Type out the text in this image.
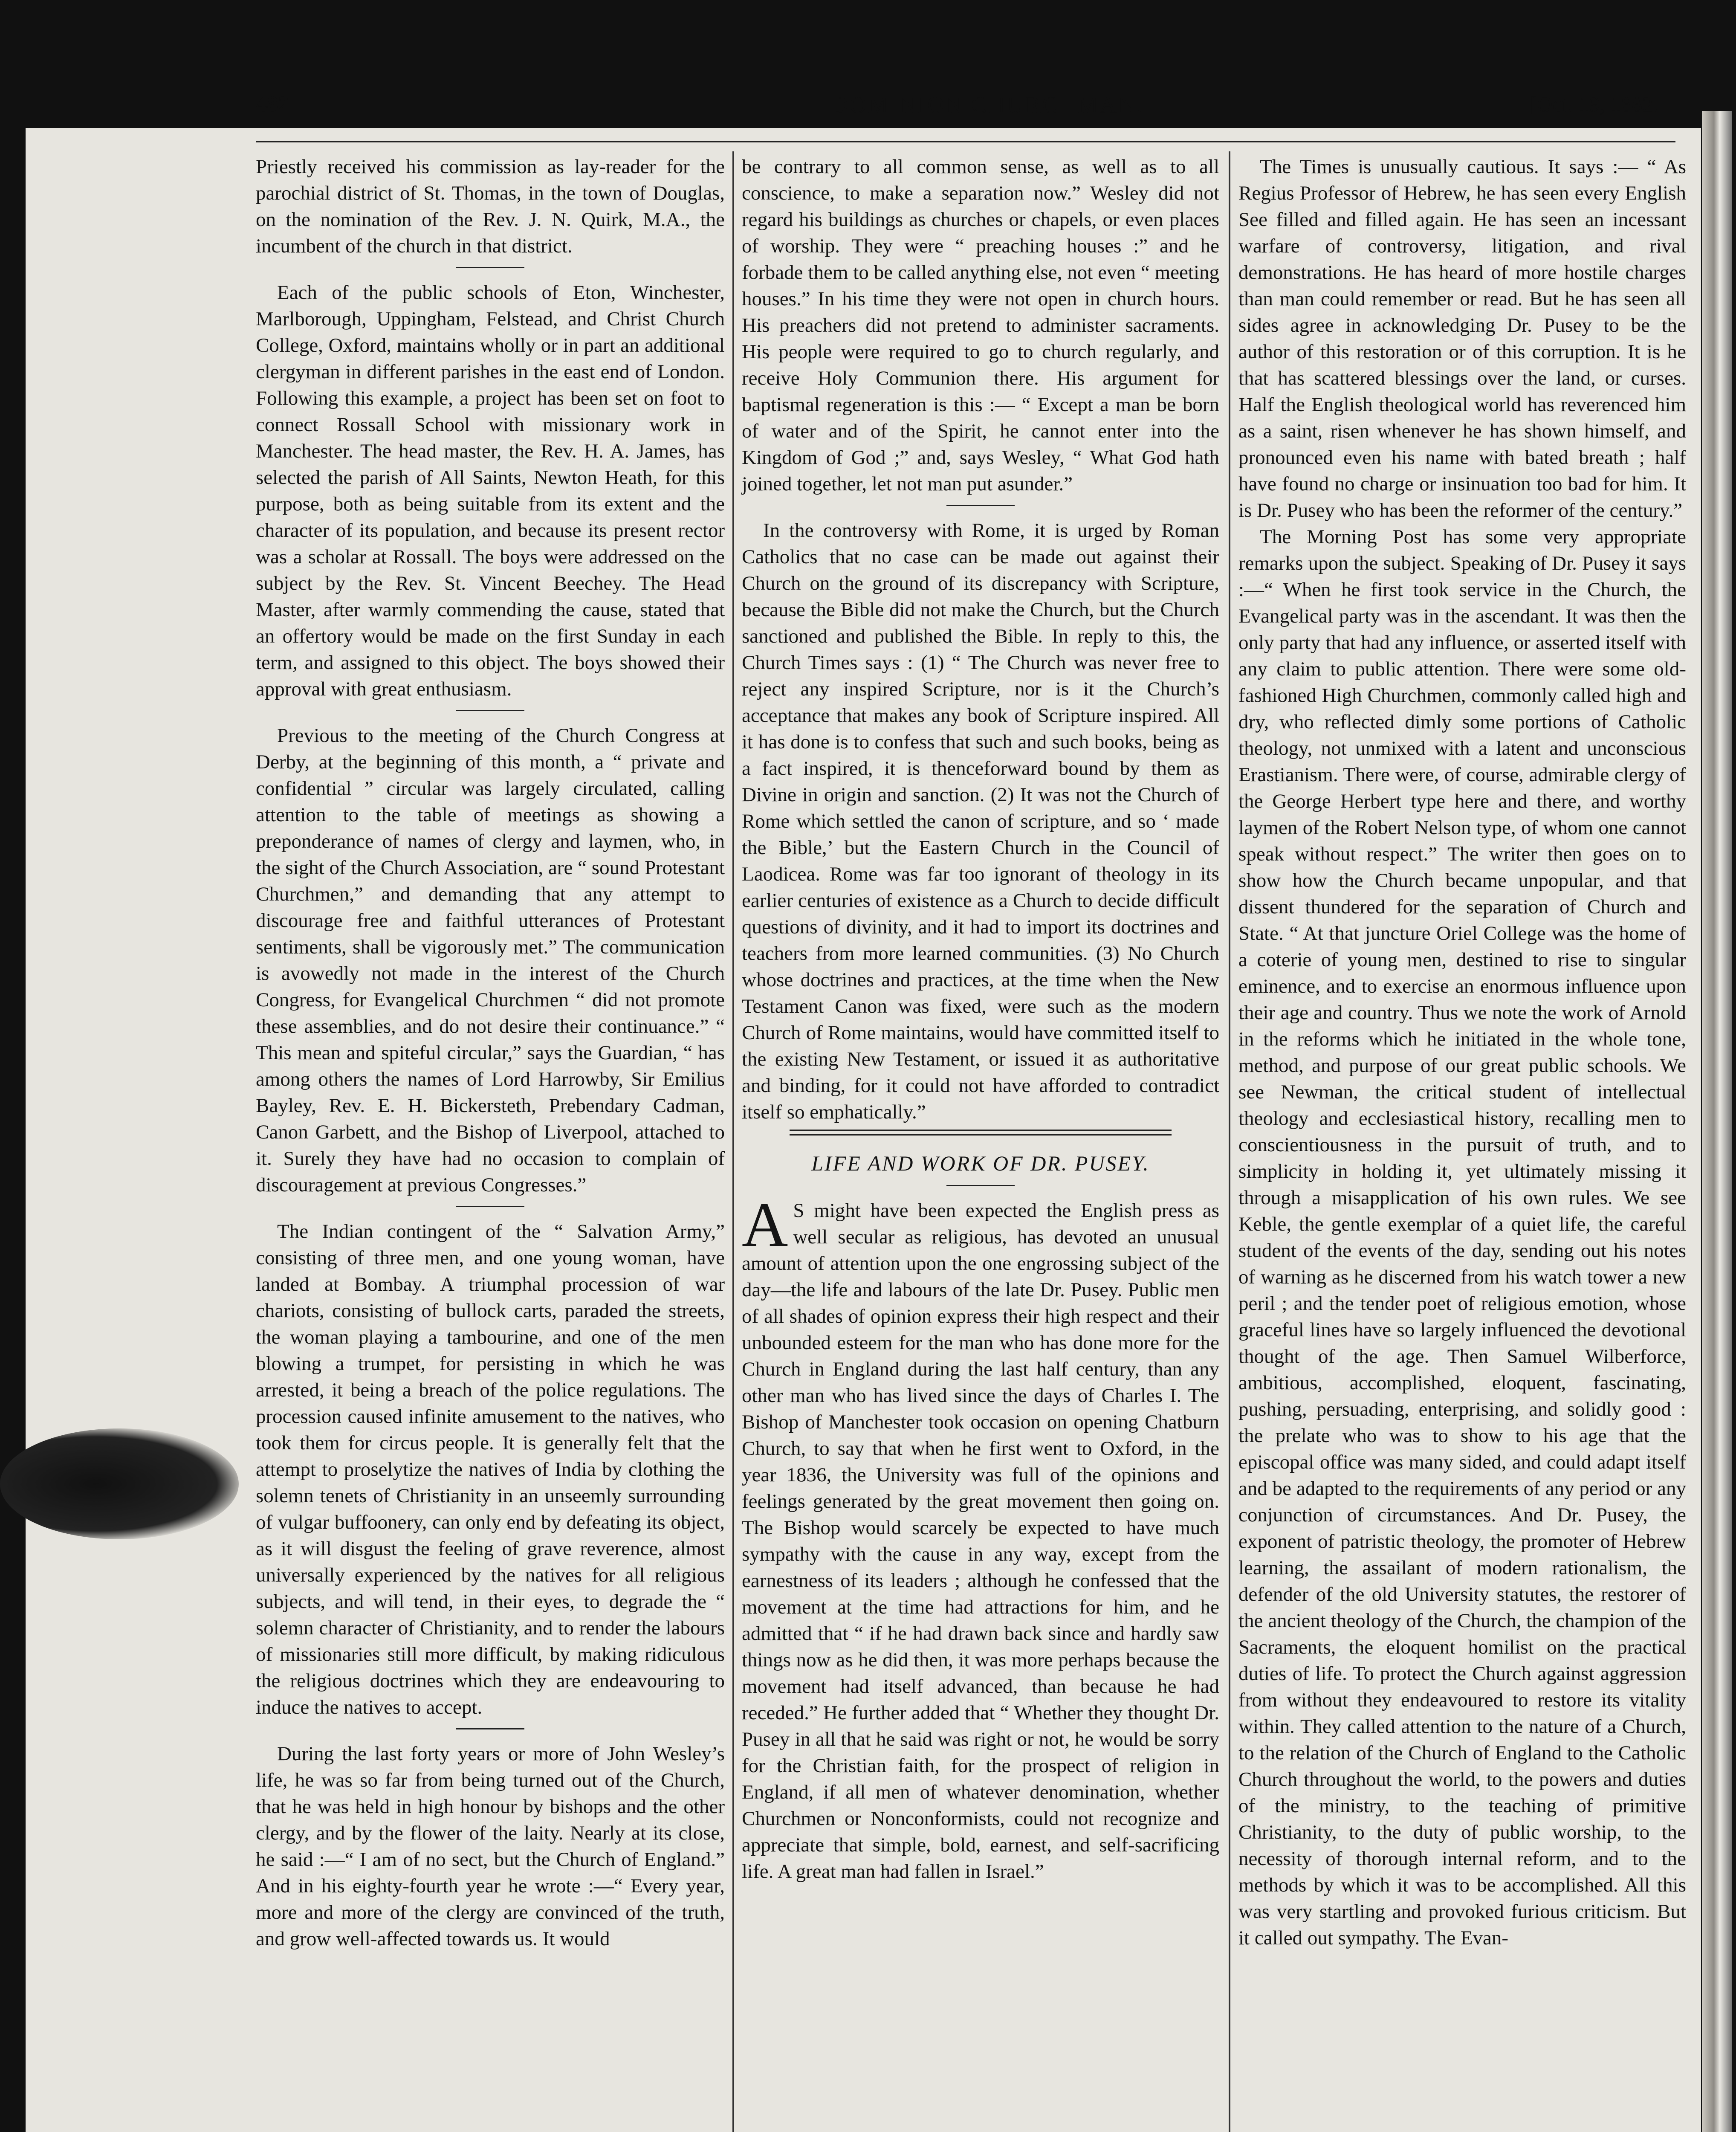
482	DOMINION CHURCHMAN.	[Oct. 19, 1882.

Priestly received his commission as lay-reader for the parochial district of St. Thomas, in the town of Douglas, on the nomination of the Rev. J. N. Quirk, M.A., the incumbent of the church in that district.

Each of the public schools of Eton, Winchester, Marlborough, Uppingham, Felstead, and Christ Church College, Oxford, maintains wholly or in part an additional clergyman in different parishes in the east end of London. Following this example, a project has been set on foot to connect Rossall School with missionary work in Manchester. The head master, the Rev. H. A. James, has selected the parish of All Saints, Newton Heath, for this purpose, both as being suitable from its extent and the character of its population, and because its present rector was a scholar at Rossall. The boys were addressed on the subject by the Rev. St. Vincent Beechey. The Head Master, after warmly commending the cause, stated that an offertory would be made on the first Sunday in each term, and assigned to this object. The boys showed their approval with great enthusiasm.

Previous to the meeting of the Church Congress at Derby, at the beginning of this month, a “ private and confidential ” circular was largely circulated, calling attention to the table of meetings as showing a preponderance of names of clergy and laymen, who, in the sight of the Church Association, are “ sound Protestant Churchmen,” and demanding that any attempt to discourage free and faithful utterances of Protestant sentiments, shall be vigorously met.” The communication is avowedly not made in the interest of the Church Congress, for Evangelical Churchmen “ did not promote these assemblies, and do not desire their continuance.” “ This mean and spiteful circular,” says the Guardian, “ has among others the names of Lord Harrowby, Sir Emilius Bayley, Rev. E. H. Bickersteth, Prebendary Cadman, Canon Garbett, and the Bishop of Liverpool, attached to it. Surely they have had no occasion to complain of discouragement at previous Congresses.”

The Indian contingent of the “ Salvation Army,” consisting of three men, and one young woman, have landed at Bombay. A triumphal procession of war chariots, consisting of bullock carts, paraded the streets, the woman playing a tambourine, and one of the men blowing a trumpet, for persisting in which he was arrested, it being a breach of the police regulations. The procession caused infinite amusement to the natives, who took them for circus people. It is generally felt that the attempt to proselytize the natives of India by clothing the solemn tenets of Christianity in an unseemly surrounding of vulgar buffoonery, can only end by defeating its object, as it will disgust the feeling of grave reverence, almost universally experienced by the natives for all religious subjects, and will tend, in their eyes, to degrade the “ solemn character of Christianity, and to render the labours of missionaries still more difficult, by making ridiculous the religious doctrines which they are endeavouring to induce the natives to accept.

During the last forty years or more of John Wesley’s life, he was so far from being turned out of the Church, that he was held in high honour by bishops and the other clergy, and by the flower of the laity. Nearly at its close, he said :—“ I am of no sect, but the Church of England.” And in his eighty-fourth year he wrote :—“ Every year, more and more of the clergy are convinced of the truth, and grow well-affected towards us. It would

be contrary to all common sense, as well as to all conscience, to make a separation now.” Wesley did not regard his buildings as churches or chapels, or even places of worship. They were “ preaching houses :” and he forbade them to be called anything else, not even “ meeting houses.” In his time they were not open in church hours. His preachers did not pretend to administer sacraments. His people were required to go to church regularly, and receive Holy Communion there. His argument for baptismal regeneration is this :— “ Except a man be born of water and of the Spirit, he cannot enter into the Kingdom of God ;” and, says Wesley, “ What God hath joined together, let not man put asunder.”

In the controversy with Rome, it is urged by Roman Catholics that no case can be made out against their Church on the ground of its discrepancy with Scripture, because the Bible did not make the Church, but the Church sanctioned and published the Bible. In reply to this, the Church Times says : (1) “ The Church was never free to reject any inspired Scripture, nor is it the Church’s acceptance that makes any book of Scripture inspired. All it has done is to confess that such and such books, being as a fact inspired, it is thenceforward bound by them as Divine in origin and sanction. (2) It was not the Church of Rome which settled the canon of scripture, and so ‘ made the Bible,’ but the Eastern Church in the Council of Laodicea. Rome was far too ignorant of theology in its earlier centuries of existence as a Church to decide difficult questions of divinity, and it had to import its doctrines and teachers from more learned communities. (3) No Church whose doctrines and practices, at the time when the New Testament Canon was fixed, were such as the modern Church of Rome maintains, would have committed itself to the existing New Testament, or issued it as authoritative and binding, for it could not have afforded to contradict itself so emphatically.”

LIFE AND WORK OF DR. PUSEY.

A S might have been expected the English press as well secular as religious, has devoted an unusual amount of attention upon the one engrossing subject of the day—the life and labours of the late Dr. Pusey. Public men of all shades of opinion express their high respect and their unbounded esteem for the man who has done more for the Church in England during the last half century, than any other man who has lived since the days of Charles I. The Bishop of Manchester took occasion on opening Chatburn Church, to say that when he first went to Oxford, in the year 1836, the University was full of the opinions and feelings generated by the great movement then going on. The Bishop would scarcely be expected to have much sympathy with the cause in any way, except from the earnestness of its leaders ; although he confessed that the movement at the time had attractions for him, and he admitted that “ if he had drawn back since and hardly saw things now as he did then, it was more perhaps because the movement had itself advanced, than because he had receded.” He further added that “ Whether they thought Dr. Pusey in all that he said was right or not, he would be sorry for the Christian faith, for the prospect of religion in England, if all men of whatever denomination, whether Churchmen or Nonconformists, could not recognize and appreciate that simple, bold, earnest, and self-sacrificing life. A great man had fallen in Israel.”

The Times is unusually cautious. It says :— “ As Regius Professor of Hebrew, he has seen every English See filled and filled again. He has seen an incessant warfare of controversy, litigation, and rival demonstrations. He has heard of more hostile charges than man could remember or read. But he has seen all sides agree in acknowledging Dr. Pusey to be the author of this restoration or of this corruption. It is he that has scattered blessings over the land, or curses. Half the English theological world has reverenced him as a saint, risen whenever he has shown himself, and pronounced even his name with bated breath ; half have found no charge or insinuation too bad for him. It is Dr. Pusey who has been the reformer of the century.”

The Morning Post has some very appropriate remarks upon the subject. Speaking of Dr. Pusey it says :—“ When he first took service in the Church, the Evangelical party was in the ascendant. It was then the only party that had any influence, or asserted itself with any claim to public attention. There were some old-fashioned High Churchmen, commonly called high and dry, who reflected dimly some portions of Catholic theology, not unmixed with a latent and unconscious Erastianism. There were, of course, admirable clergy of the George Herbert type here and there, and worthy laymen of the Robert Nelson type, of whom one cannot speak without respect.” The writer then goes on to show how the Church became unpopular, and that dissent thundered for the separation of Church and State. “ At that juncture Oriel College was the home of a coterie of young men, destined to rise to singular eminence, and to exercise an enormous influence upon their age and country. Thus we note the work of Arnold in the reforms which he initiated in the whole tone, method, and purpose of our great public schools. We see Newman, the critical student of intellectual theology and ecclesiastical history, recalling men to conscientiousness in the pursuit of truth, and to simplicity in holding it, yet ultimately missing it through a misapplication of his own rules. We see Keble, the gentle exemplar of a quiet life, the careful student of the events of the day, sending out his notes of warning as he discerned from his watch tower a new peril ; and the tender poet of religious emotion, whose graceful lines have so largely influenced the devotional thought of the age. Then Samuel Wilberforce, ambitious, accomplished, eloquent, fascinating, pushing, persuading, enterprising, and solidly good : the prelate who was to show to his age that the episcopal office was many sided, and could adapt itself and be adapted to the requirements of any period or any conjunction of circumstances. And Dr. Pusey, the exponent of patristic theology, the promoter of Hebrew learning, the assailant of modern rationalism, the defender of the old University statutes, the restorer of the ancient theology of the Church, the champion of the Sacraments, the eloquent homilist on the practical duties of life. To protect the Church against aggression from without they endeavoured to restore its vitality within. They called attention to the nature of a Church, to the relation of the Church of England to the Catholic Church throughout the world, to the powers and duties of the ministry, to the teaching of primitive Christianity, to the duty of public worship, to the necessity of thorough internal reform, and to the methods by which it was to be accomplished. All this was very startling and provoked furious criticism. But it called out sympathy. The Evan-
